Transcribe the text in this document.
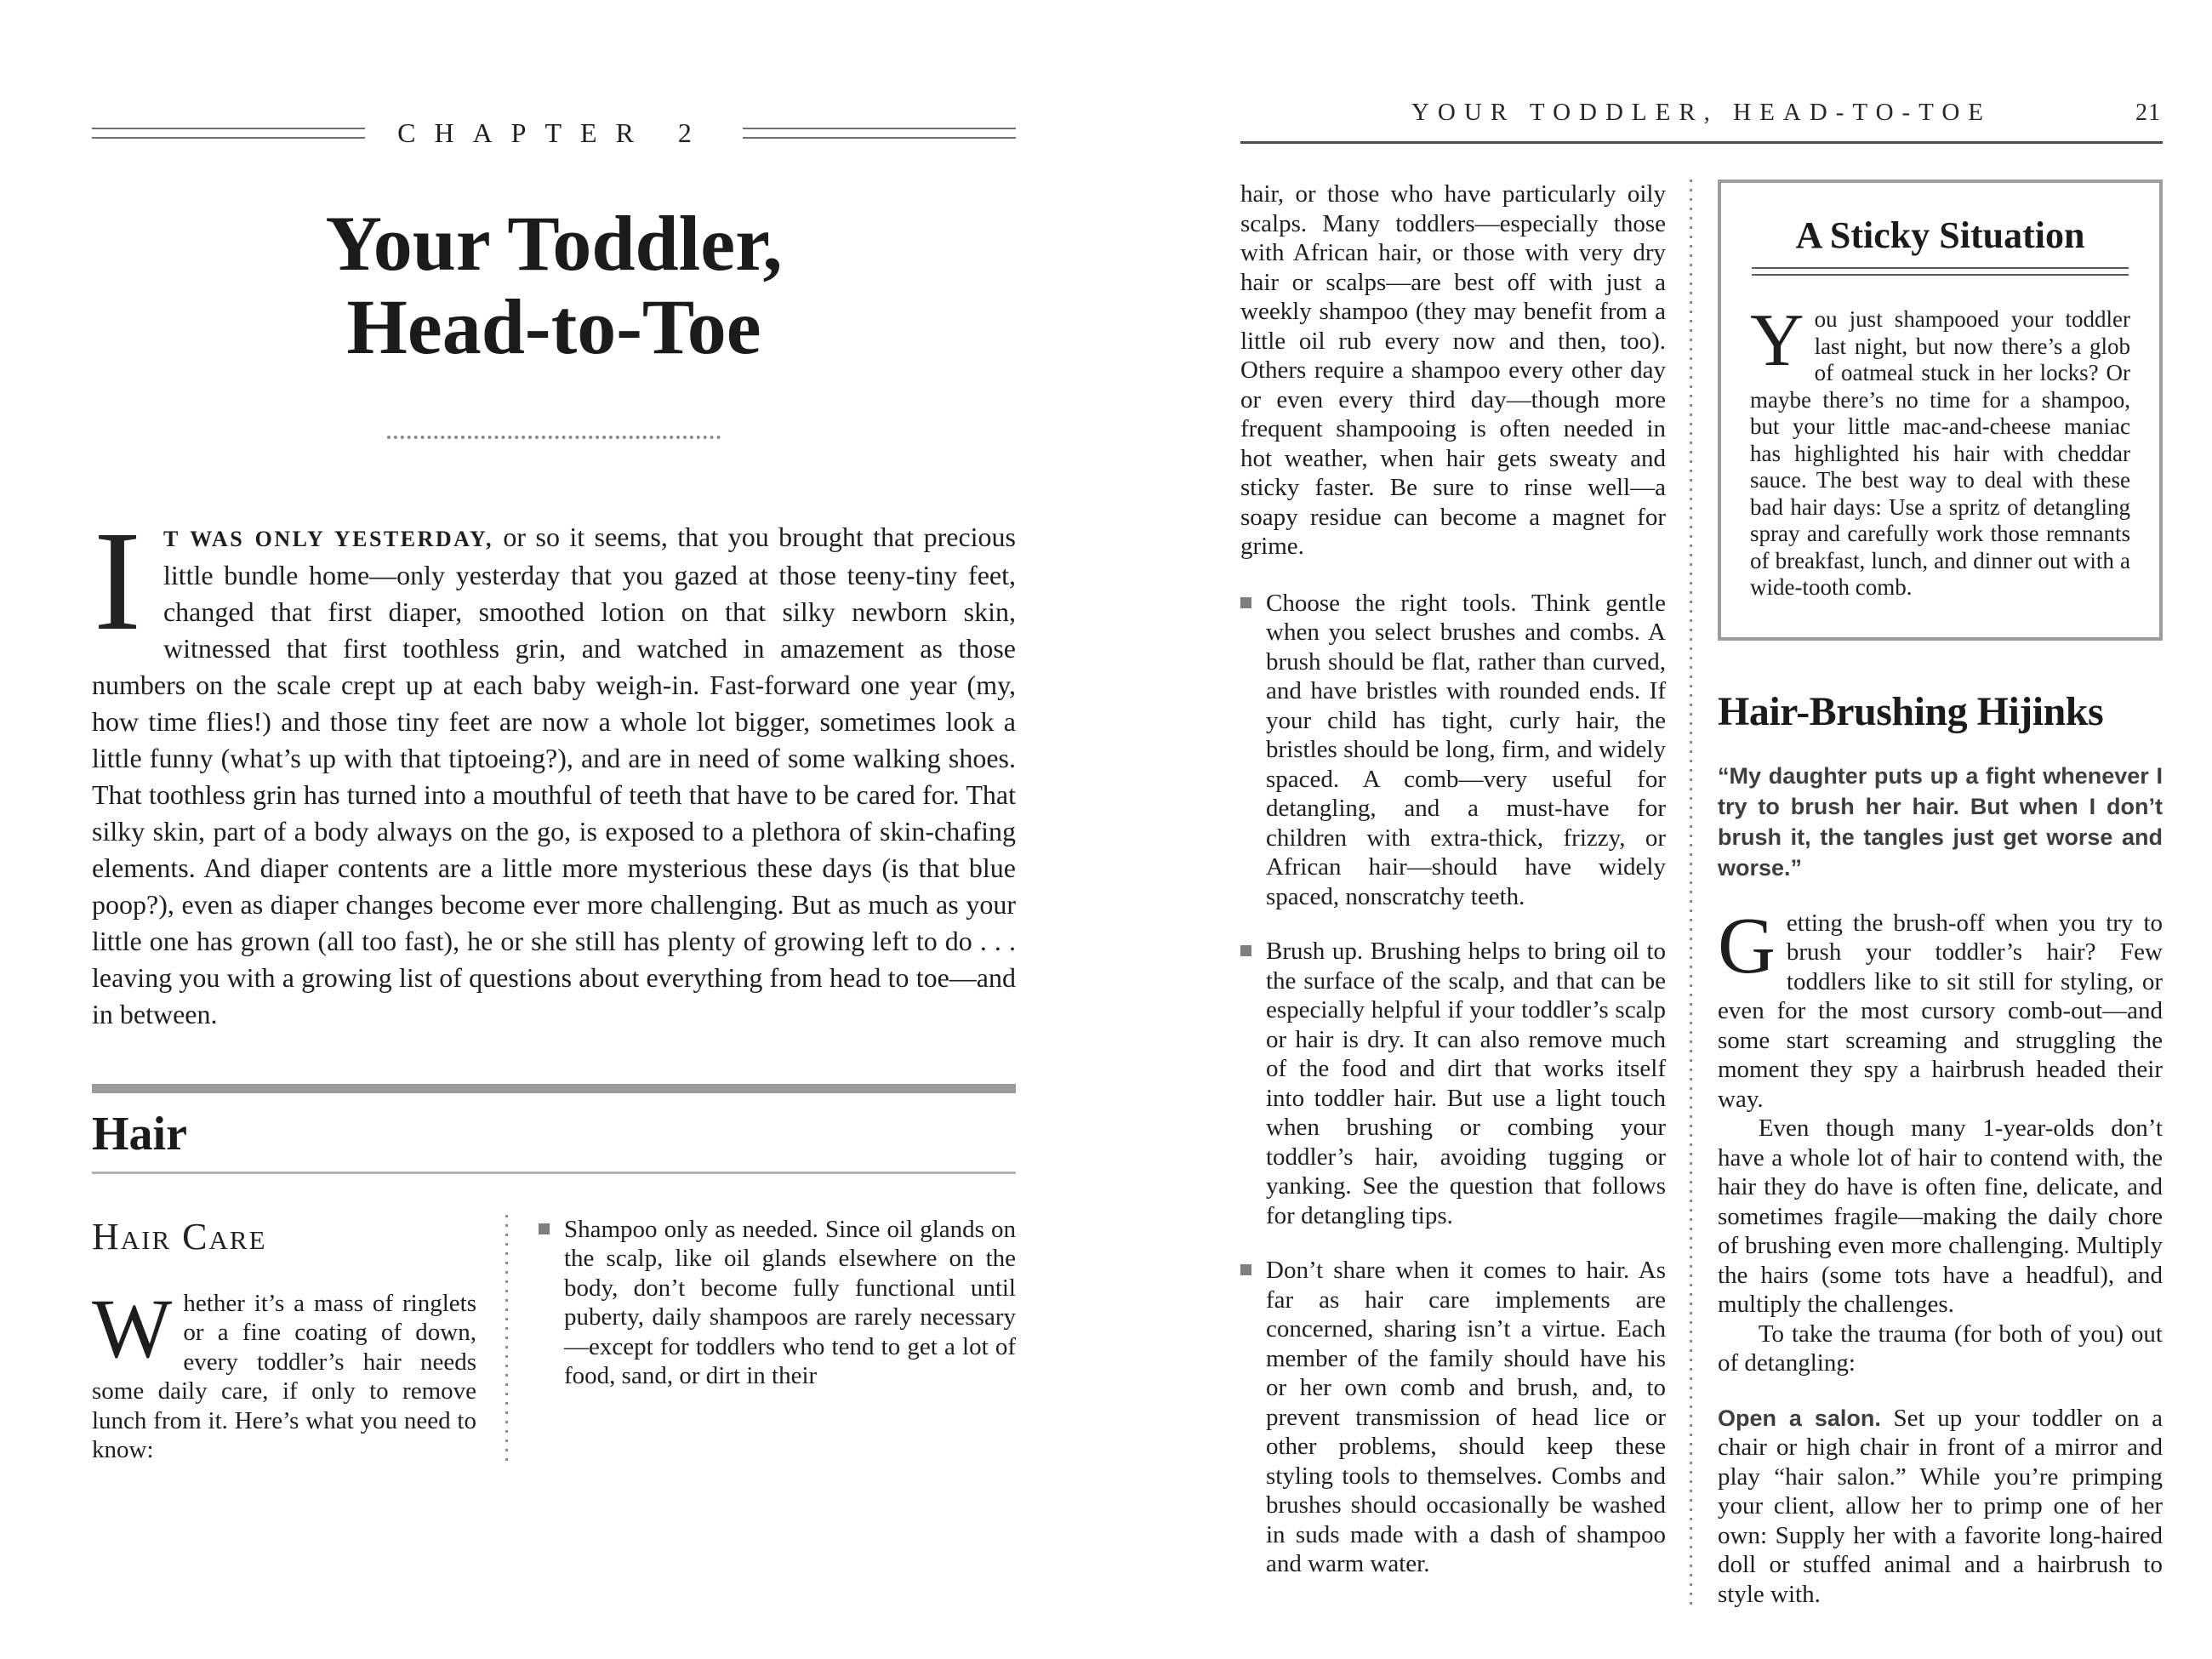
CHAPTER 2
Your Toddler,
Head-to-Toe

I	T WAS ONLY YESTERDAY, or so it seems, that you brought that precious little bundle home—only yesterday that you gazed at those teeny-tiny feet, changed that first diaper, smoothed lotion on that silky newborn skin, witnessed that first toothless grin, and watched in amazement as those numbers on the scale crept up at each baby weigh-in. Fast-forward one year (my, how time flies!) and those tiny feet are now a whole lot bigger, sometimes look a little funny (what’s up with that tiptoeing?), and are in need of some walking shoes. That toothless grin has turned into a mouthful of teeth that have to be cared for. That silky skin, part of a body always on the go, is exposed to a plethora of skin-chafing elements. And diaper contents are a little more mysterious these days (is that blue poop?), even as diaper changes become ever more challenging. But as much as your little one has grown (all too fast), he or she still has plenty of growing left to do . . . leaving you with a growing list of questions about everything from head to toe—and in between.

Hair
Hair Care

Whether it’s a mass of ringlets or a fine coating of down, every toddler’s hair needs some daily care, if only to remove lunch from it. Here’s what you need to know:

Shampoo only as needed. Since oil glands on the scalp, like oil glands elsewhere on the body, don’t become fully functional until puberty, daily shampoos are rarely necessary—except for toddlers who tend to get a lot of food, sand, or dirt in their

YOUR TODDLER, HEAD-TO-TOE	21

hair, or those who have particularly oily scalps. Many toddlers—especially those with African hair, or those with very dry hair or scalps—are best off with just a weekly shampoo (they may benefit from a little oil rub every now and then, too). Others require a shampoo every other day or even every third day—though more frequent shampooing is often needed in hot weather, when hair gets sweaty and sticky faster. Be sure to rinse well—a soapy residue can become a magnet for grime.

Choose the right tools. Think gentle when you select brushes and combs. A brush should be flat, rather than curved, and have bristles with rounded ends. If your child has tight, curly hair, the bristles should be long, firm, and widely spaced. A comb—very useful for detangling, and a must-have for children with extra-thick, frizzy, or African hair—should have widely spaced, nonscratchy teeth.

Brush up. Brushing helps to bring oil to the surface of the scalp, and that can be especially helpful if your toddler’s scalp or hair is dry. It can also remove much of the food and dirt that works itself into toddler hair. But use a light touch when brushing or combing your toddler’s hair, avoiding tugging or yanking. See the question that follows for detangling tips.

Don’t share when it comes to hair. As far as hair care implements are concerned, sharing isn’t a virtue. Each member of the family should have his or her own comb and brush, and, to prevent transmission of head lice or other problems, should keep these styling tools to themselves. Combs and brushes should occasionally be washed in suds made with a dash of shampoo and warm water.

A Sticky Situation

You just shampooed your toddler last night, but now there’s a glob of oatmeal stuck in her locks? Or maybe there’s no time for a shampoo, but your little mac-and-cheese maniac has highlighted his hair with cheddar sauce. The best way to deal with these bad hair days: Use a spritz of detangling spray and carefully work those remnants of breakfast, lunch, and dinner out with a wide-tooth comb.

Hair-Brushing Hijinks

“My daughter puts up a fight whenever I try to brush her hair. But when I don’t brush it, the tangles just get worse and worse.”

Getting the brush-off when you try to brush your toddler’s hair? Few toddlers like to sit still for styling, or even for the most cursory comb-out—and some start screaming and struggling the moment they spy a hairbrush headed their way.

Even though many 1-year-olds don’t have a whole lot of hair to contend with, the hair they do have is often fine, delicate, and sometimes fragile—making the daily chore of brushing even more challenging. Multiply the hairs (some tots have a headful), and multiply the challenges.

To take the trauma (for both of you) out of detangling:

Open a salon. Set up your toddler on a chair or high chair in front of a mirror and play “hair salon.” While you’re primping your client, allow her to primp one of her own: Supply her with a favorite long-haired doll or stuffed animal and a hairbrush to style with.
